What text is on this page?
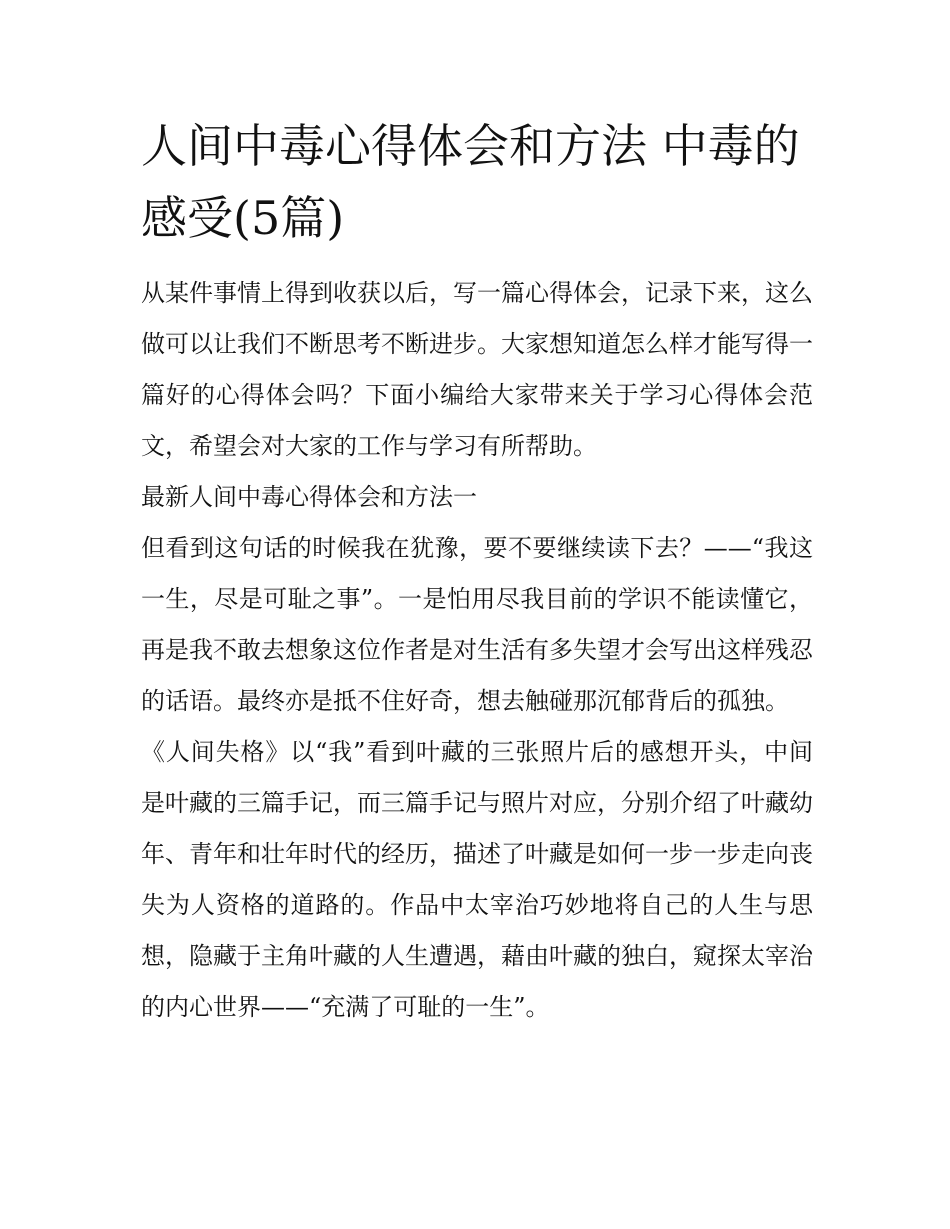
人间中毒心得体会和方法 中毒的感受(5篇)

从某件事情上得到收获以后，写一篇心得体会，记录下来，这么做可以让我们不断思考不断进步。大家想知道怎么样才能写得一篇好的心得体会吗？下面小编给大家带来关于学习心得体会范文，希望会对大家的工作与学习有所帮助。

最新人间中毒心得体会和方法一

但看到这句话的时候我在犹豫，要不要继续读下去？——“我这一生，尽是可耻之事”。一是怕用尽我目前的学识不能读懂它，再是我不敢去想象这位作者是对生活有多失望才会写出这样残忍的话语。最终亦是抵不住好奇，想去触碰那沉郁背后的孤独。

《人间失格》以“我”看到叶藏的三张照片后的感想开头，中间是叶藏的三篇手记，而三篇手记与照片对应，分别介绍了叶藏幼年、青年和壮年时代的经历，描述了叶藏是如何一步一步走向丧失为人资格的道路的。作品中太宰治巧妙地将自己的人生与思想，隐藏于主角叶藏的人生遭遇，藉由叶藏的独白，窥探太宰治的内心世界——“充满了可耻的一生”。
